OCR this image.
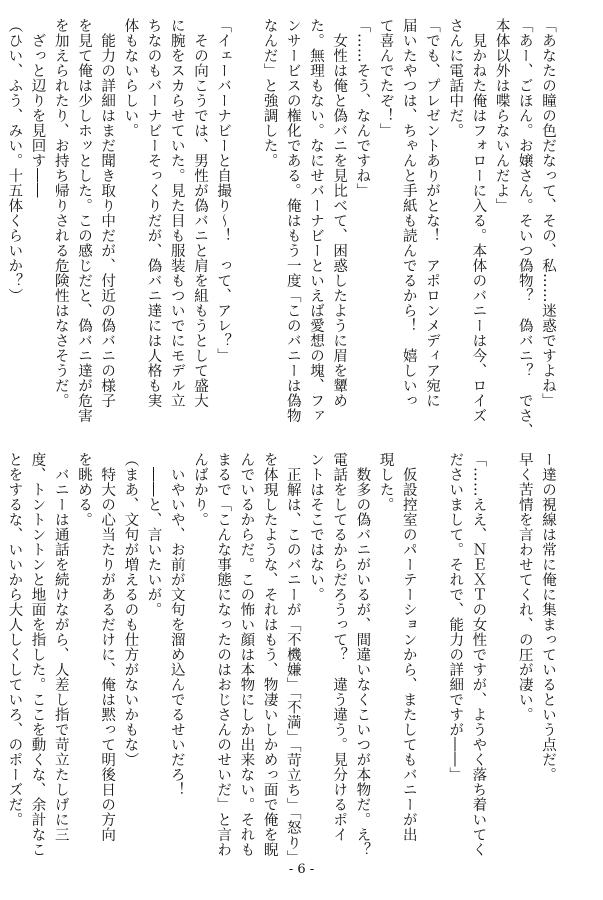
「あなたの瞳の色だなって、その、私……迷惑ですよね」
「あー、ごほん。お嬢さん。そいつ偽物？　偽バニ？　でさ、
本体以外は喋らないんだよ」
　見かねた俺はフォローに入る。本体のバニーは今、ロイズ
さんに電話中だ。
「でも、プレゼントありがとな！　アポロンメディア宛に
届いたやつは、ちゃんと手紙も読んでるから！　嬉しいっ
て喜んでたぞ！」
「……そう、なんですね」
　女性は俺と偽バニを見比べて、困惑したように眉を顰め
た。無理もない。なにせバーナビーといえば愛想の塊、ファ
ンサービスの権化である。俺はもう一度「このバニーは偽物
なんだ」と強調した。

「イェーバーナビーと自撮り～！　って、アレ？」
　その向こうでは、男性が偽バニと肩を組もうとして盛大
に腕をスカらせていた。見た目も服装もついでにモデル立
ちなのもバーナビーそっくりだが、偽バニ達には人格も実
体もないらしい。
　能力の詳細はまだ聞き取り中だが、付近の偽バニの様子
を見て俺は少しホッとした。この感じだと、偽バニ達が危害
を加えられたり、お持ち帰りされる危険性はなさそうだ。
　ざっと辺りを見回す――
（ひい、ふう、みい。十五体くらいか？）
ー達の視線は常に俺に集まっているという点だ。
早く苦情を言わせてくれ、の圧が凄い。

「……ええ、ＮＥＸＴの女性ですが、ようやく落ち着いてく
ださいまして。それで、能力の詳細ですが――」

　仮設控室のパーテーションから、またしてもバニーが出
現した。
　数多の偽バニがいるが、間違いなくこいつが本物だ。え？
電話をしてるからだろうって？　違う違う。見分けるポイ
ントはそこではない。
　正解は、このバニーが「不機嫌」「不満」「苛立ち」「怒り」
を体現したような、それはもう、物凄いしかめっ面で俺を睨
んでいるからだ。この怖い顔は本物にしか出来ない。それも
まるで「こんな事態になったのはおじさんのせいだ」と言わ
んばかり。
　いやいや、お前が文句を溜め込んでるせいだろ！
　――と、言いたいが。
（まあ、文句が増えるのも仕方がないかもな）
　特大の心当たりがあるだけに、俺は黙って明後日の方向
を眺める。
　バニーは通話を続けながら、人差し指で苛立たしげに三
度、トントントンと地面を指した。ここを動くな、余計なこ
とをするな、いいから大人しくしていろ、のポーズだ。
- 6 -
